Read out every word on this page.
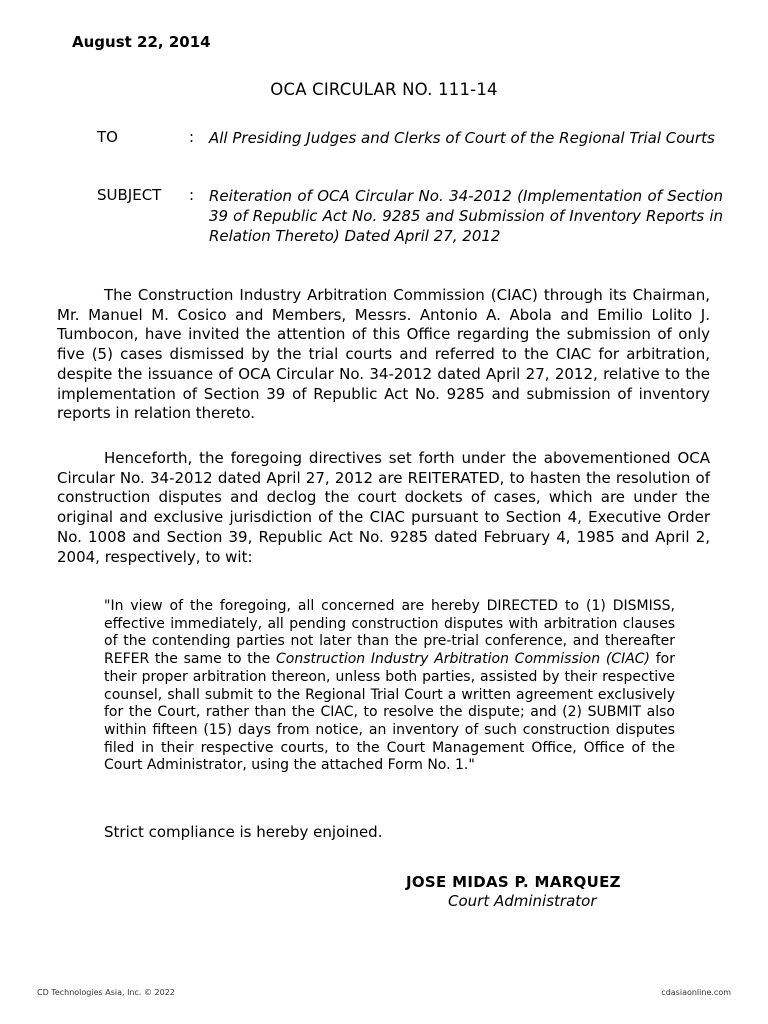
August 22, 2014
OCA CIRCULAR NO. 111-14
TO	: All Presiding Judges and Clerks of Court of the Regional Trial Courts
SUBJECT : Reiteration of OCA Circular No. 34-2012 (Implementation of Section 39 of Republic Act No. 9285 and Submission of Inventory Reports in Relation Thereto) Dated April 27, 2012

The Construction Industry Arbitration Commission (CIAC) through its Chairman, Mr. Manuel M. Cosico and Members, Messrs. Antonio A. Abola and Emilio Lolito J. Tumbocon, have invited the attention of this Office regarding the submission of only five (5) cases dismissed by the trial courts and referred to the CIAC for arbitration, despite the issuance of OCA Circular No. 34-2012 dated April 27, 2012, relative to the implementation of Section 39 of Republic Act No. 9285 and submission of inventory reports in relation thereto.

Henceforth, the foregoing directives set forth under the abovementioned OCA Circular No. 34-2012 dated April 27, 2012 are REITERATED, to hasten the resolution of construction disputes and declog the court dockets of cases, which are under the original and exclusive jurisdiction of the CIAC pursuant to Section 4, Executive Order No. 1008 and Section 39, Republic Act No. 9285 dated February 4, 1985 and April 2, 2004, respectively, to wit:

"In view of the foregoing, all concerned are hereby DIRECTED to (1) DISMISS, effective immediately, all pending construction disputes with arbitration clauses of the contending parties not later than the pre-trial conference, and thereafter REFER the same to the Construction Industry Arbitration Commission (CIAC) for their proper arbitration thereon, unless both parties, assisted by their respective counsel, shall submit to the Regional Trial Court a written agreement exclusively for the Court, rather than the CIAC, to resolve the dispute; and (2) SUBMIT also within fifteen (15) days from notice, an inventory of such construction disputes filed in their respective courts, to the Court Management Office, Office of the Court Administrator, using the attached Form No. 1."

Strict compliance is hereby enjoined.
JOSE MIDAS P. MARQUEZ
Court Administrator
CD Technologies Asia, Inc. © 2022	cdasiaonline.com
